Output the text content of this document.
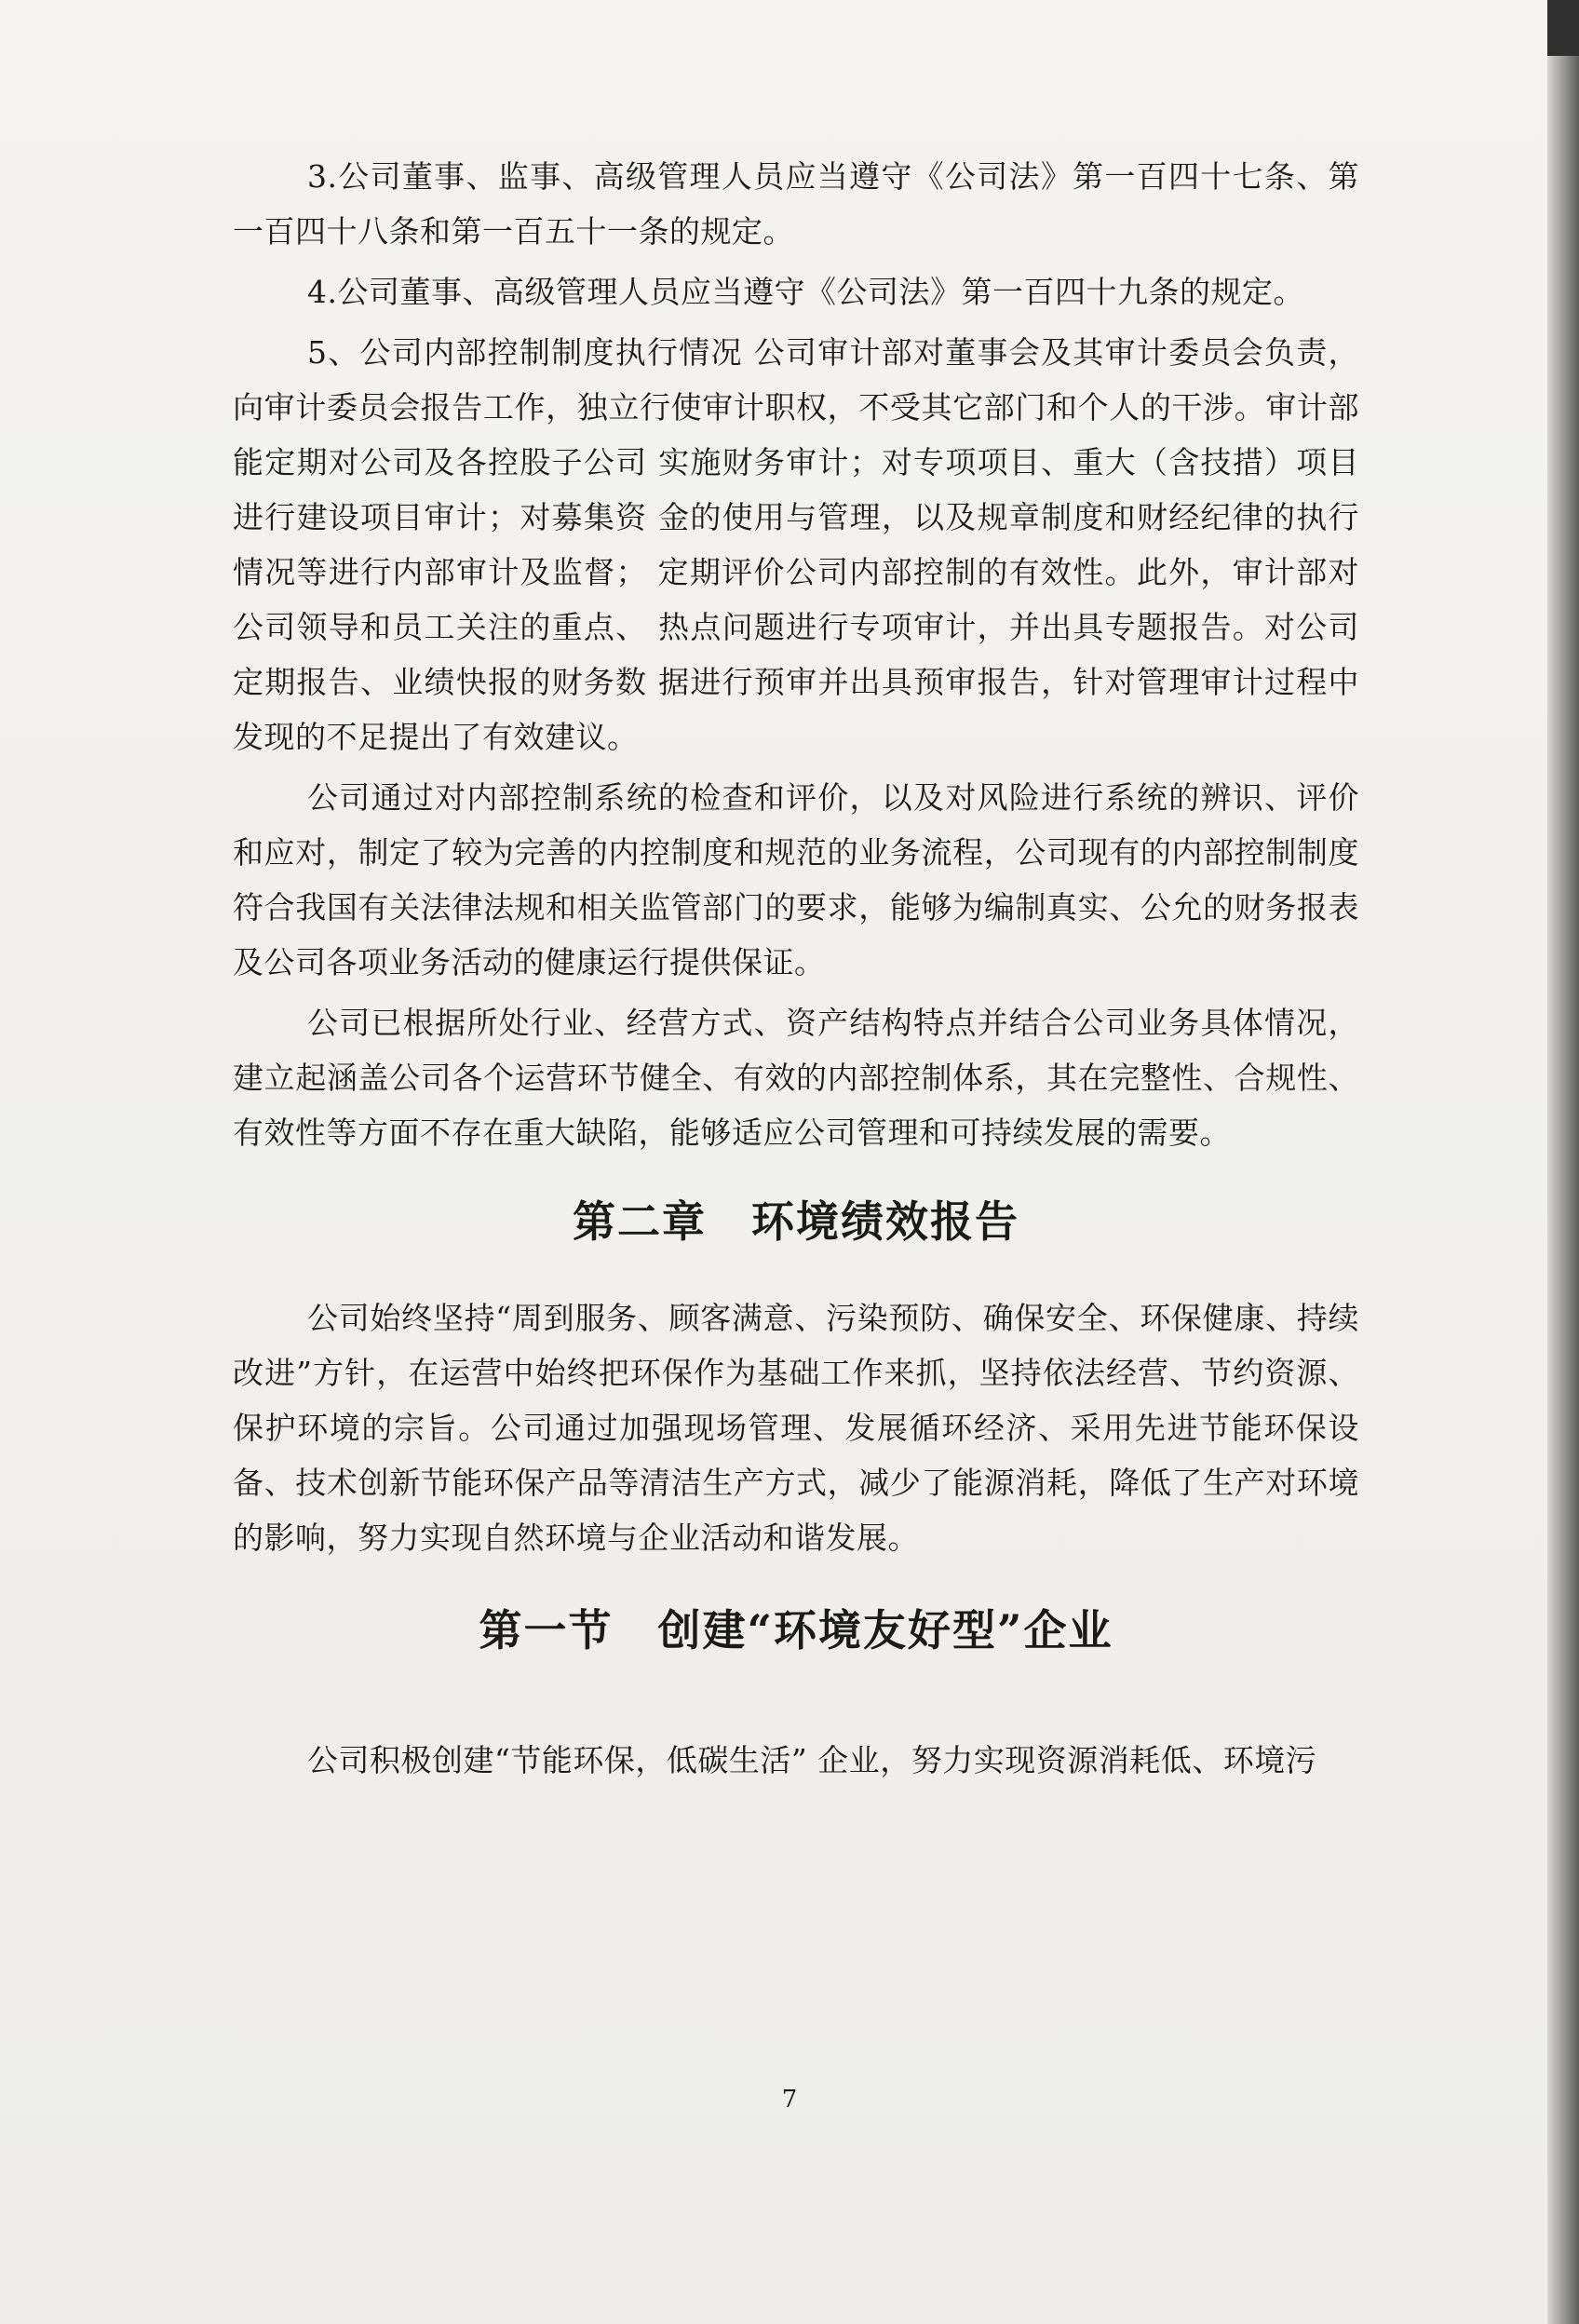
3.公司董事、监事、高级管理人员应当遵守《公司法》第一百四十七条、第一百四十八条和第一百五十一条的规定。

4.公司董事、高级管理人员应当遵守《公司法》第一百四十九条的规定。

5、公司内部控制制度执行情况 公司审计部对董事会及其审计委员会负责，向审计委员会报告工作，独立行使审计职权，不受其它部门和个人的干涉。审计部能定期对公司及各控股子公司 实施财务审计；对专项项目、重大（含技措）项目进行建设项目审计；对募集资 金的使用与管理，以及规章制度和财经纪律的执行情况等进行内部审计及监督； 定期评价公司内部控制的有效性。此外，审计部对公司领导和员工关注的重点、 热点问题进行专项审计，并出具专题报告。对公司定期报告、业绩快报的财务数 据进行预审并出具预审报告，针对管理审计过程中发现的不足提出了有效建议。

公司通过对内部控制系统的检查和评价，以及对风险进行系统的辨识、评价和应对，制定了较为完善的内控制度和规范的业务流程，公司现有的内部控制制度符合我国有关法律法规和相关监管部门的要求，能够为编制真实、公允的财务报表及公司各项业务活动的健康运行提供保证。

公司已根据所处行业、经营方式、资产结构特点并结合公司业务具体情况，建立起涵盖公司各个运营环节健全、有效的内部控制体系，其在完整性、合规性、有效性等方面不存在重大缺陷，能够适应公司管理和可持续发展的需要。

第二章　环境绩效报告

公司始终坚持“周到服务、顾客满意、污染预防、确保安全、环保健康、持续改进”方针，在运营中始终把环保作为基础工作来抓，坚持依法经营、节约资源、保护环境的宗旨。公司通过加强现场管理、发展循环经济、采用先进节能环保设备、技术创新节能环保产品等清洁生产方式，减少了能源消耗，降低了生产对环境的影响，努力实现自然环境与企业活动和谐发展。

第一节　创建“环境友好型”企业

公司积极创建“节能环保，低碳生活” 企业，努力实现资源消耗低、环境污

7
